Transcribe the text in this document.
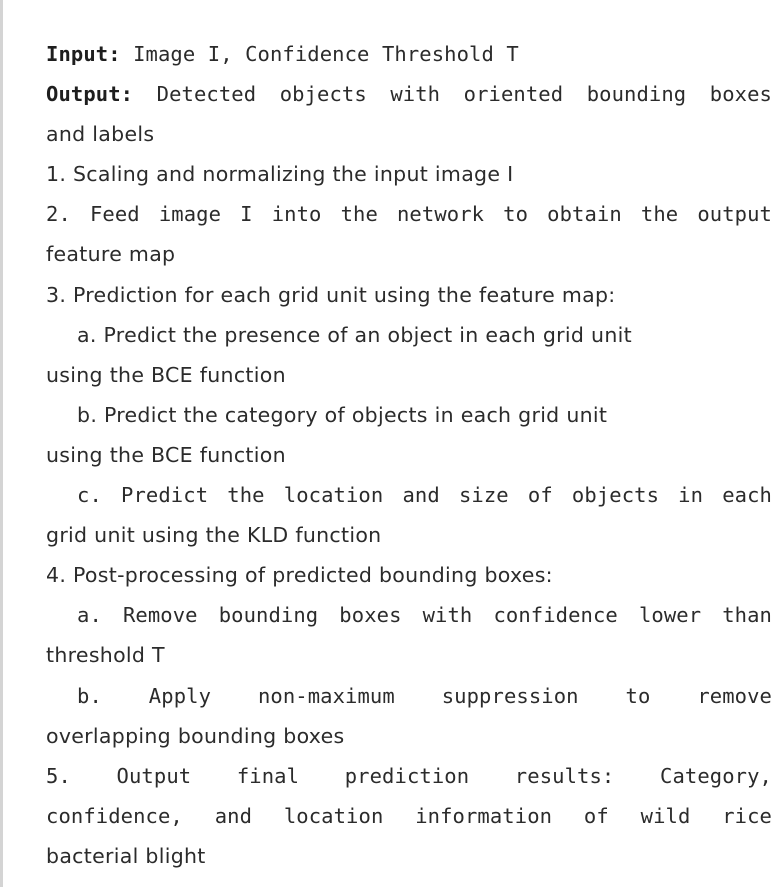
Input: Image I, Confidence Threshold T
Output: Detected objects with oriented bounding boxes
and labels
1. Scaling and normalizing the input image I
2. Feed image I into the network to obtain the output
feature map
3. Prediction for each grid unit using the feature map:
a. Predict the presence of an object in each grid unit
using the BCE function
b. Predict the category of objects in each grid unit
using the BCE function
c. Predict the location and size of objects in each
grid unit using the KLD function
4. Post-processing of predicted bounding boxes:
a. Remove bounding boxes with confidence lower than
threshold T
b. Apply non-maximum suppression to remove
overlapping bounding boxes
5. Output final prediction results: Category,
confidence, and location information of wild rice
bacterial blight
